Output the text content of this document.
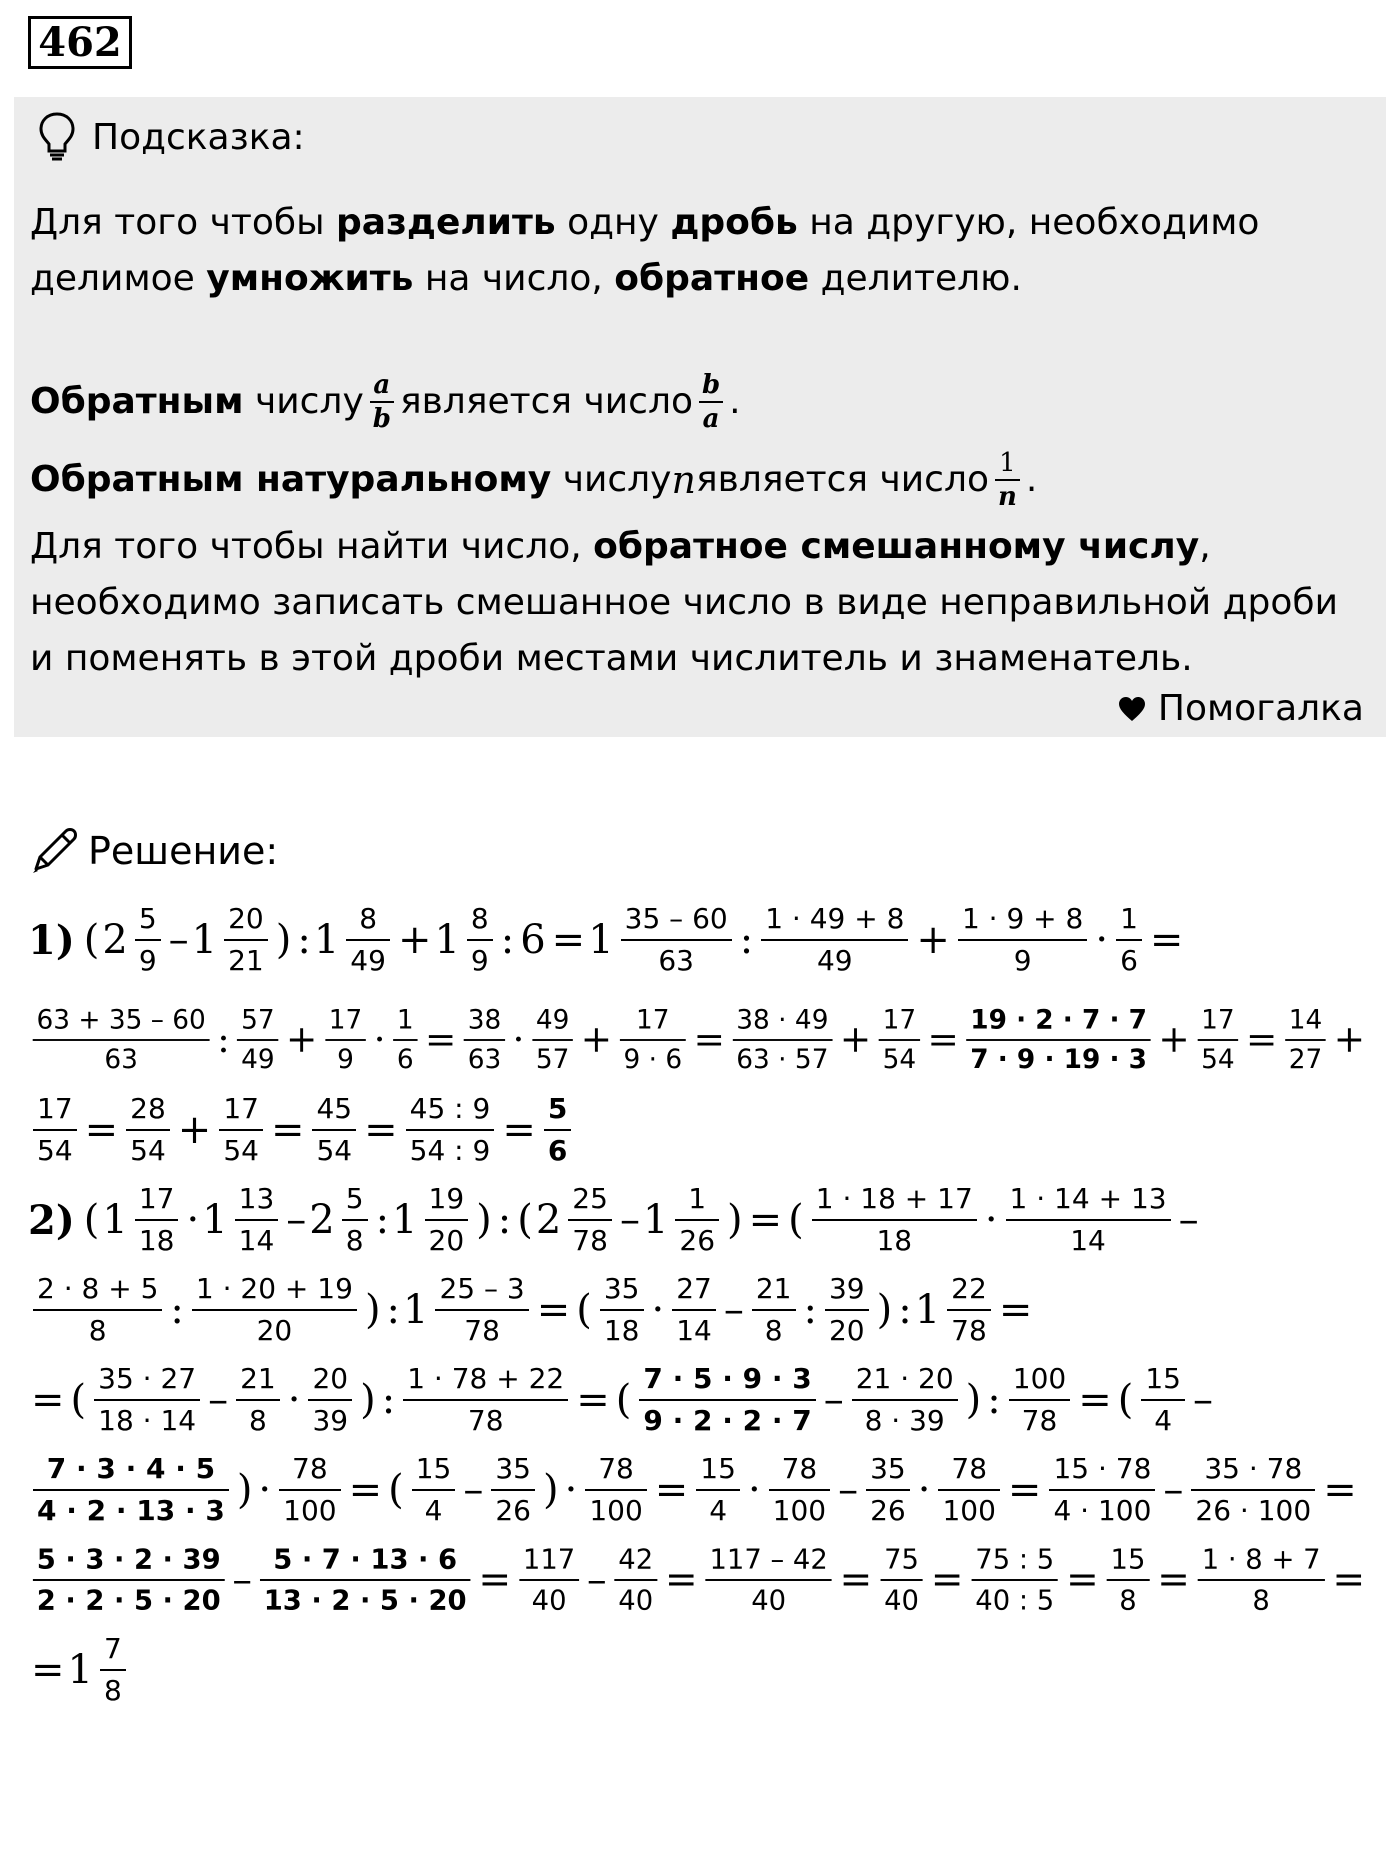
462
Подсказка:

Для того чтобы разделить одну дробь на другую, необходимо делимое умножить на число, обратное делителю.

Обратным числу a
b является число b
a .

Обратным натуральному числу n является число 1
n .

Для того чтобы найти число, обратное смешанному числу, необходимо записать смешанное число в виде неправильной дроби и поменять в этой дроби местами числитель и знаменатель.

Помогалка
Решение:
1) ( 2 5
9 – 1 20
21 ) : 1 8
49 + 1 8
9 : 6 = 1 35 – 60
63 : 1 · 49 + 8
49 + 1 · 9 + 8
9 · 1
6 =
63 + 35 – 60
63 : 57
49 + 17
9 · 1
6 = 38
63 · 49
57 + 17
9 · 6 = 38 · 49
63 · 57 + 17
54 = 19 · 2 · 7 · 7
7 · 9 · 19 · 3 + 17
54 = 14
27 +
17
54 = 28
54 + 17
54 = 45
54 = 45 : 9
54 : 9 = 5
6
2) ( 1 17
18 · 1 13
14 – 2 5
8 : 1 19
20 ) : ( 2 25
78 – 1 1
26 ) = ( 1 · 18 + 17
18 · 1 · 14 + 13
14 –
2 · 8 + 5
8 : 1 · 20 + 19
20 ) : 1 25 – 3
78 = ( 35
18 · 27
14 – 21
8 : 39
20 ) : 1 22
78 =
= ( 35 · 27
18 · 14 – 21
8 · 20
39 ) : 1 · 78 + 22
78 = ( 7 · 5 · 9 · 3
9 · 2 · 2 · 7 – 21 · 20
8 · 39 ) : 100
78 = ( 15
4 –
7 · 3 · 4 · 5
4 · 2 · 13 · 3 ) · 78
100 = ( 15
4 – 35
26 ) · 78
100 = 15
4 · 78
100 – 35
26 · 78
100 = 15 · 78
4 · 100 – 35 · 78
26 · 100 =
5 · 3 · 2 · 39
2 · 2 · 5 · 20 – 5 · 7 · 13 · 6
13 · 2 · 5 · 20 = 117
40 – 42
40 = 117 – 42
40 = 75
40 = 75 : 5
40 : 5 = 15
8 = 1 · 8 + 7
8 =
= 1 7
8
